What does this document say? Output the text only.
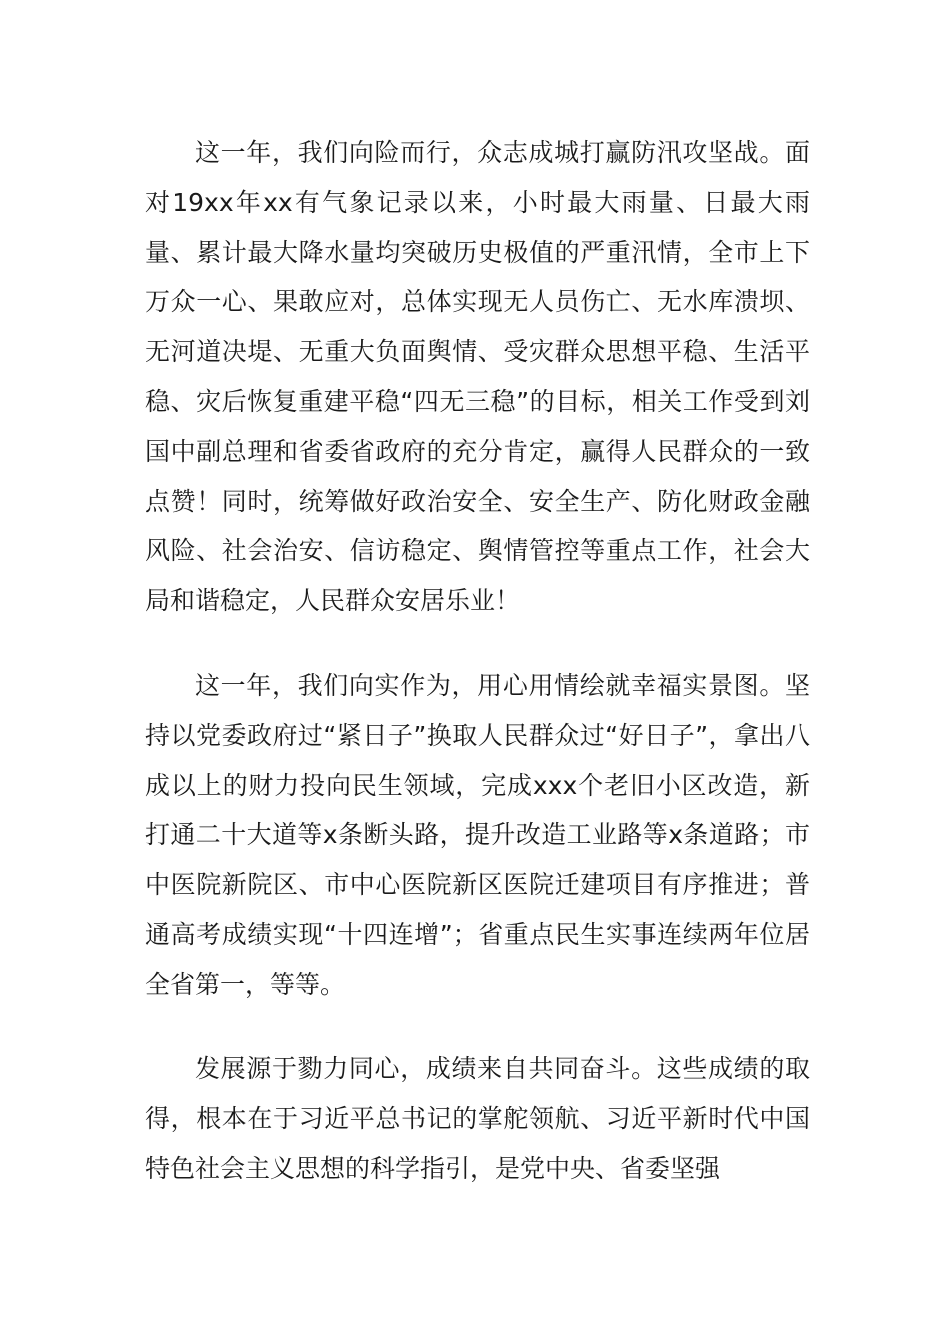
这一年，我们向险而行，众志成城打赢防汛攻坚战。面对19xx年xx有气象记录以来，小时最大雨量、日最大雨量、累计最大降水量均突破历史极值的严重汛情，全市上下万众一心、果敢应对，总体实现无人员伤亡、无水库溃坝、无河道决堤、无重大负面舆情、受灾群众思想平稳、生活平稳、灾后恢复重建平稳“四无三稳”的目标，相关工作受到刘国中副总理和省委省政府的充分肯定，赢得人民群众的一致点赞！同时，统筹做好政治安全、安全生产、防化财政金融风险、社会治安、信访稳定、舆情管控等重点工作，社会大局和谐稳定，人民群众安居乐业！

这一年，我们向实作为，用心用情绘就幸福实景图。坚持以党委政府过“紧日子”换取人民群众过“好日子”，拿出八成以上的财力投向民生领域，完成xxx个老旧小区改造，新打通二十大道等x条断头路，提升改造工业路等x条道路；市中医院新院区、市中心医院新区医院迁建项目有序推进；普通高考成绩实现“十四连增”；省重点民生实事连续两年位居全省第一，等等。

发展源于勠力同心，成绩来自共同奋斗。这些成绩的取得，根本在于习近平总书记的掌舵领航、习近平新时代中国特色社会主义思想的科学指引，是党中央、省委坚强
